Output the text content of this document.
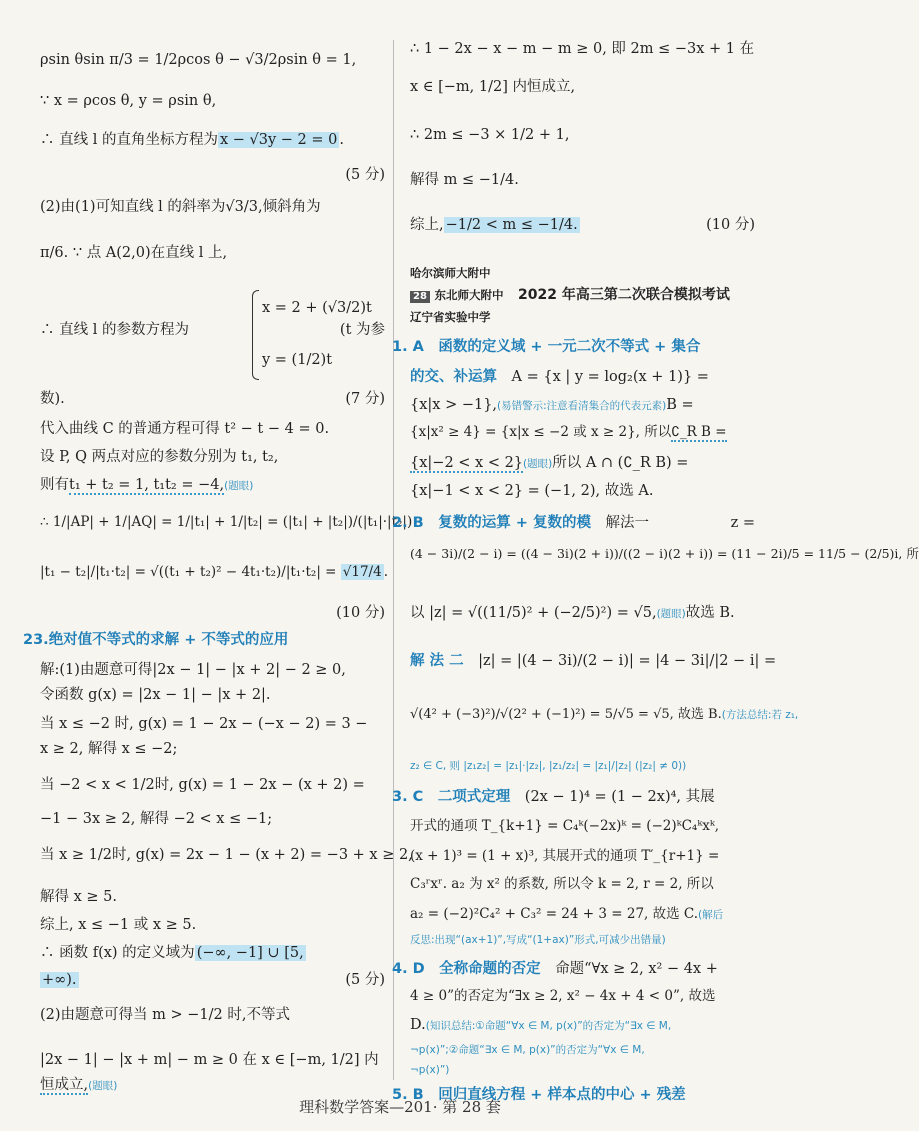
ρsin θsin π/3 = 1/2ρcos θ − √3/2ρsin θ = 1,
∵ x = ρcos θ, y = ρsin θ,
∴ 直线 l 的直角坐标方程为 x − √3y − 2 = 0 .
(5 分)
(2)由(1)可知直线 l 的斜率为√3/3,倾斜角为
π/6. ∵ 点 A(2,0)在直线 l 上,
∴ 直线 l 的参数方程为
x = 2 + (√3/2)t
y = (1/2)t
(t 为参
数).	(7 分)
代入曲线 C 的普通方程可得 t² − t − 4 = 0.
设 P, Q 两点对应的参数分别为 t₁, t₂,
则有t₁ + t₂ = 1, t₁t₂ = −4,(题眼)
∴ 1/|AP| + 1/|AQ| = 1/|t₁| + 1/|t₂| = (|t₁| + |t₂|)/(|t₁|·|t₂|)
|t₁ − t₂|/|t₁·t₂| = √((t₁ + t₂)² − 4t₁·t₂)/|t₁·t₂| = √17/4 .
(10 分)
23.绝对值不等式的求解 + 不等式的应用
解:(1)由题意可得|2x − 1| − |x + 2| − 2 ≥ 0,
令函数 g(x) = |2x − 1| − |x + 2|.
当 x ≤ −2 时, g(x) = 1 − 2x − (−x − 2) = 3 −
x ≥ 2, 解得 x ≤ −2;
当 −2 < x < 1/2时, g(x) = 1 − 2x − (x + 2) =
−1 − 3x ≥ 2, 解得 −2 < x ≤ −1;
当 x ≥ 1/2时, g(x) = 2x − 1 − (x + 2) = −3 + x ≥ 2,
解得 x ≥ 5.
综上, x ≤ −1 或 x ≥ 5.
∴ 函数 f(x) 的定义域为 (−∞, −1] ∪ [5,
+∞).	(5 分)
(2)由题意可得当 m > −1/2 时,不等式
|2x − 1| − |x + m| − m ≥ 0 在 x ∈ [−m, 1/2] 内
恒成立,(题眼)
∴ 1 − 2x − x − m − m ≥ 0, 即 2m ≤ −3x + 1 在
x ∈ [−m, 1/2] 内恒成立,
∴ 2m ≤ −3 × 1/2 + 1,
解得 m ≤ −1/4.
综上, −1/2 < m ≤ −1/4.	(10 分)
哈尔滨师大附中
28 东北师大附中　 2022 年高三第二次联合模拟考试
辽宁省实验中学
1. A　函数的定义域 + 一元二次不等式 + 集合
的交、补运算　 A = {x | y = log₂(x + 1)} =
{x|x > −1},(易错警示:注意看清集合的代表元素)B =
{x|x² ≥ 4} = {x|x ≤ −2 或 x ≥ 2}, 所以∁_R B =
{x|−2 < x < 2}(题眼)所以 A ∩ (∁_R B) =
{x|−1 < x < 2} = (−1, 2), 故选 A.
2. B　复数的运算 + 复数的模　 解法一	z =
(4 − 3i)/(2 − i) = ((4 − 3i)(2 + i))/((2 − i)(2 + i)) = (11 − 2i)/5 = 11/5 − (2/5)i, 所
以 |z| = √((11/5)² + (−2/5)²) = √5,(题眼)故选 B.
解 法 二　 |z| = |(4 − 3i)/(2 − i)| = |4 − 3i|/|2 − i| =
√(4² + (−3)²)/√(2² + (−1)²) = 5/√5 = √5, 故选 B.(方法总结:若 z₁,
z₂ ∈ C, 则 |z₁z₂| = |z₁|·|z₂|, |z₁/z₂| = |z₁|/|z₂| (|z₂| ≠ 0))
3. C　二项式定理　 (2x − 1)⁴ = (1 − 2x)⁴, 其展
开式的通项 T_{k+1} = C₄ᵏ(−2x)ᵏ = (−2)ᵏC₄ᵏxᵏ,
(x + 1)³ = (1 + x)³, 其展开式的通项 T′_{r+1} =
C₃ʳxʳ. a₂ 为 x² 的系数, 所以令 k = 2, r = 2, 所以
a₂ = (−2)²C₄² + C₃² = 24 + 3 = 27, 故选 C.(解后
反思:出现“(ax+1)”,写成“(1+ax)”形式,可减少出错量)
4. D　全称命题的否定　 命题“∀x ≥ 2, x² − 4x +
4 ≥ 0”的否定为“∃x ≥ 2, x² − 4x + 4 < 0”, 故选
D.(知识总结:①命题“∀x ∈ M, p(x)”的否定为“∃x ∈ M,
¬p(x)”;②命题“∃x ∈ M, p(x)”的否定为“∀x ∈ M,
¬p(x)”)
5. B　回归直线方程 + 样本点的中心 + 残差
理科数学答案—201· 第 28 套
